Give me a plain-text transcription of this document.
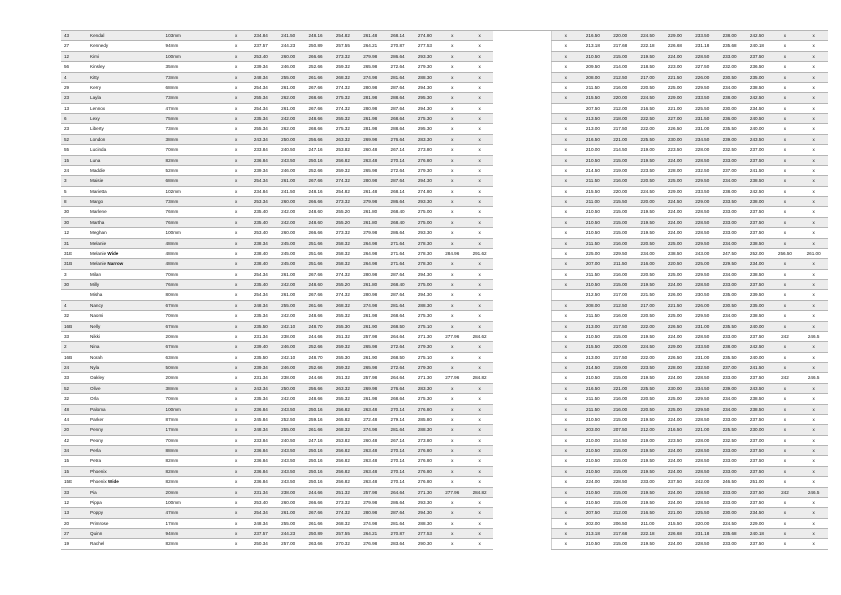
43	Kendal	103mm	x	234.84	241.50	248.16	254.82	261.48	268.14	274.80	x	x		x	216.50	220.00	224.50	229.00	233.50	238.00	242.50	x	x
27	Kennedy	94mm	x	237.57	244.23	250.89	257.55	264.21	270.87	277.53	x	x		x	213.18	217.68	222.18	226.68	231.18	235.68	240.18	x	x
12	Kimi	100mm	x	253.40	260.00	266.66	273.32	279.98	286.64	293.30	x	x		x	210.50	215.00	219.50	224.00	228.50	233.00	237.50	x	x
56	Kinsley	35mm	x	239.34	246.00	252.66	259.32	265.98	272.64	279.30	x	x		x	209.50	214.00	218.50	223.00	227.50	232.00	236.50	x	x
4	Kitty	73mm	x	248.34	255.00	261.66	268.32	274.98	281.64	288.30	x	x		x	208.00	212.50	217.00	221.50	226.00	230.50	235.00	x	x
29	Kerry	68mm	x	254.34	261.00	267.66	274.32	280.98	287.64	294.30	x	x		x	211.50	216.00	220.50	225.00	229.50	234.00	238.50	x	x
23	Layla	73mm	x	255.34	262.00	268.66	275.32	281.98	288.64	295.30	x	x		x	215.50	220.00	224.50	229.00	233.50	238.00	242.50	x	x
13	Lennox	47mm	x	254.34	261.00	267.66	274.32	280.98	287.64	294.30	x	x			207.50	212.00	216.50	221.00	225.50	230.00	234.50	x	x
6	Lexy	75mm	x	235.34	242.00	248.66	255.32	261.98	268.64	275.30	x	x		x	213.50	218.00	222.50	227.00	231.50	236.00	240.50	x	x
23	Liberty	73mm	x	255.34	262.00	268.66	275.32	281.98	288.64	295.30	x	x		x	213.00	217.50	222.00	226.50	231.00	235.50	240.00	x	x
52	London	38mm	x	243.34	250.00	256.66	263.32	269.98	276.64	283.30	x	x		x	216.50	221.00	225.50	230.00	234.50	239.00	243.50	x	x
55	Lucinda	70mm	x	233.84	240.50	247.16	253.82	260.48	267.14	273.80	x	x		x	210.00	214.50	219.00	223.50	228.00	232.50	237.00	x	x
15	Luna	82mm	x	236.84	243.50	250.16	256.82	263.48	270.14	276.80	x	x		x	210.50	215.00	219.50	224.00	228.50	233.00	237.50	x	x
24	Maddie	52mm	x	239.34	246.00	252.66	259.32	265.98	272.64	279.30	x	x		x	214.50	219.00	223.50	228.00	232.50	237.00	241.50	x	x
3	Maisie	68mm	x	254.34	261.00	267.66	274.32	280.98	287.64	294.30	x	x		x	211.50	216.00	220.50	225.00	229.50	234.00	238.50	x	x
5	Marietta	102mm	x	234.84	241.50	248.16	254.82	261.48	268.14	274.80	x	x		x	215.50	220.00	224.50	229.00	233.50	238.00	242.50	x	x
8	Margo	73mm	x	253.34	260.00	266.66	273.32	279.98	286.64	293.30	x	x		x	211.00	215.50	220.00	224.50	229.00	233.50	238.00	x	x
30	Marlene	76mm	x	235.40	242.00	248.60	255.20	261.80	268.40	275.00	x	x		x	210.50	215.00	219.50	224.00	228.50	233.00	237.50	x	x
30	Martha	76mm	x	235.40	242.00	248.60	255.20	261.80	268.40	275.00	x	x		x	210.50	215.00	219.50	224.00	228.50	233.00	237.50	x	x
12	Meghan	100mm	x	253.40	260.00	266.66	273.32	279.98	286.64	293.30	x	x		x	210.50	215.00	219.50	224.00	228.50	233.00	237.50	x	x
31	Melanie	48mm	x	238.34	245.00	251.66	258.32	264.98	271.64	278.30	x	x		x	211.50	216.00	220.50	225.00	229.50	234.00	238.50	x	x
31E	Melanie Wide	48mm	x	238.40	245.00	251.66	258.32	264.98	271.64	278.30	284.96	291.62		x	225.00	229.50	234.00	238.50	243.00	247.50	252.00	256.50	261.00
31B	Melanie Narrow	48mm	x	238.40	245.00	251.66	258.32	264.98	271.64	278.30	x	x		x	207.00	211.50	216.00	220.50	225.00	229.50	234.00	x	x
3	Milan	70mm	x	254.34	261.00	267.66	274.32	280.98	287.64	294.30	x	x		x	211.50	216.00	220.50	225.00	229.50	234.00	238.50	x	x
30	Milly	76mm	x	235.40	242.00	248.60	255.20	261.80	268.40	275.00	x	x		x	210.50	215.00	219.50	224.00	228.50	233.00	237.50	x	x
	Misha	80mm	x	254.34	261.00	267.66	274.32	280.98	287.64	294.30	x	x			212.50	217.00	221.50	226.00	230.50	235.00	239.50	x	x
4	Nancy	67mm	x	248.34	255.00	261.66	268.32	274.98	281.64	288.30	x	x		x	208.00	212.50	217.00	221.50	226.00	230.50	235.00	x	x
32	Naomi	70mm	x	235.34	242.00	248.66	255.32	261.98	268.64	275.30	x	x		x	211.50	216.00	220.50	225.00	229.50	234.00	238.50	x	x
16B	Nelly	67mm	x	235.50	242.10	248.70	255.30	261.90	268.50	275.10	x	x		x	213.00	217.50	222.00	226.50	231.00	235.50	240.00	x	x
33	Nikki	20mm	x	231.34	238.00	244.66	251.32	257.98	264.64	271.30	277.96	284.62		x	210.50	215.00	219.50	224.00	228.50	233.00	237.50	242	246.5
2	Nina	67mm	x	239.40	246.00	252.66	259.32	265.98	272.64	279.30	x	x		x	215.50	220.00	224.50	229.00	233.50	238.00	242.50	x	x
16B	Norah	63mm	x	235.50	242.10	248.70	255.30	261.90	268.50	275.10	x	x		x	213.00	217.50	222.00	226.50	231.00	235.50	240.00	x	x
24	Nyla	50mm	x	239.34	246.00	252.66	259.32	265.98	272.64	279.30	x	x		x	214.50	219.00	223.50	228.00	232.50	237.00	241.50	x	x
33	Oakley	20mm	x	231.34	238.00	244.66	251.32	257.98	264.64	271.30	277.96	284.82		x	210.50	215.00	219.50	224.00	228.50	233.00	237.50	242	246.5
52	Olive	38mm	x	243.34	250.00	256.66	263.32	269.98	276.64	283.30	x	x		x	216.50	221.00	225.50	230.00	234.50	239.00	243.50	x	x
32	Orla	70mm	x	235.34	242.00	248.66	255.32	261.98	268.64	275.30	x	x		x	211.50	216.00	220.50	225.00	229.50	234.00	238.50	x	x
48	Paloma	100mm	x	236.84	243.50	250.16	256.82	263.48	270.14	276.80	x	x		x	211.50	216.00	220.50	225.00	229.50	234.00	238.50	x	x
44	Parker	87mm	x	245.84	252.50	259.16	265.82	272.48	279.14	285.80	x	x		x	210.50	215.00	219.50	224.00	228.50	233.00	237.50	x	x
20	Penny	17mm	x	248.34	255.00	261.66	268.32	274.98	281.64	288.30	x	x		x	203.00	207.50	212.00	216.50	221.00	225.50	230.00	x	x
42	Peony	70mm	x	233.84	240.50	247.16	253.82	260.48	267.14	273.80	x	x		x	210.00	214.50	219.00	223.50	228.00	232.50	237.00	x	x
34	Perla	88mm	x	236.84	243.50	250.16	256.82	263.48	270.14	276.80	x	x		x	210.50	215.00	219.50	224.00	228.50	233.00	237.50	x	x
15	Petra	82mm	x	236.84	243.50	250.16	256.82	263.48	270.14	276.80	x	x		x	210.50	215.00	219.50	224.00	228.50	233.00	237.50	x	x
15	Phoenix	82mm	x	236.84	243.50	250.16	256.82	263.48	270.14	276.80	x	x		x	210.50	215.00	219.50	224.00	228.50	233.00	237.50	x	x
15E	Phoenix Wide	82mm	x	236.84	243.50	250.16	256.82	263.48	270.14	276.80	x	x		x	224.00	228.50	233.00	237.50	242.00	246.50	251.00	x	x
33	Pia	20mm	x	231.34	238.00	244.66	251.32	257.98	264.64	271.30	277.96	284.82		x	210.50	215.00	219.50	224.00	228.50	233.00	237.50	242	246.5
12	Pippa	100mm	x	253.40	260.00	266.66	273.32	279.98	286.64	293.30	x	x		x	210.50	215.00	219.50	224.00	228.50	233.00	237.50	x	x
13	Poppy	47mm	x	254.34	261.00	267.66	274.32	280.98	287.64	294.30	x	x		x	207.50	212.00	216.50	221.00	225.50	230.00	234.50	x	x
20	Primrose	17mm	x	248.34	255.00	261.66	268.32	274.98	281.64	288.30	x	x		x	202.00	206.50	211.00	215.50	220.00	224.50	229.00	x	x
27	Quinn	94mm	x	237.57	244.23	250.89	257.55	264.21	270.87	277.53	x	x		x	213.18	217.68	222.18	226.68	231.18	235.68	240.18	x	x
19	Rachel	82mm	x	250.34	257.00	263.66	270.32	276.98	283.64	290.30	x	x		x	210.50	215.00	219.50	224.00	228.50	233.00	237.50	x	x
